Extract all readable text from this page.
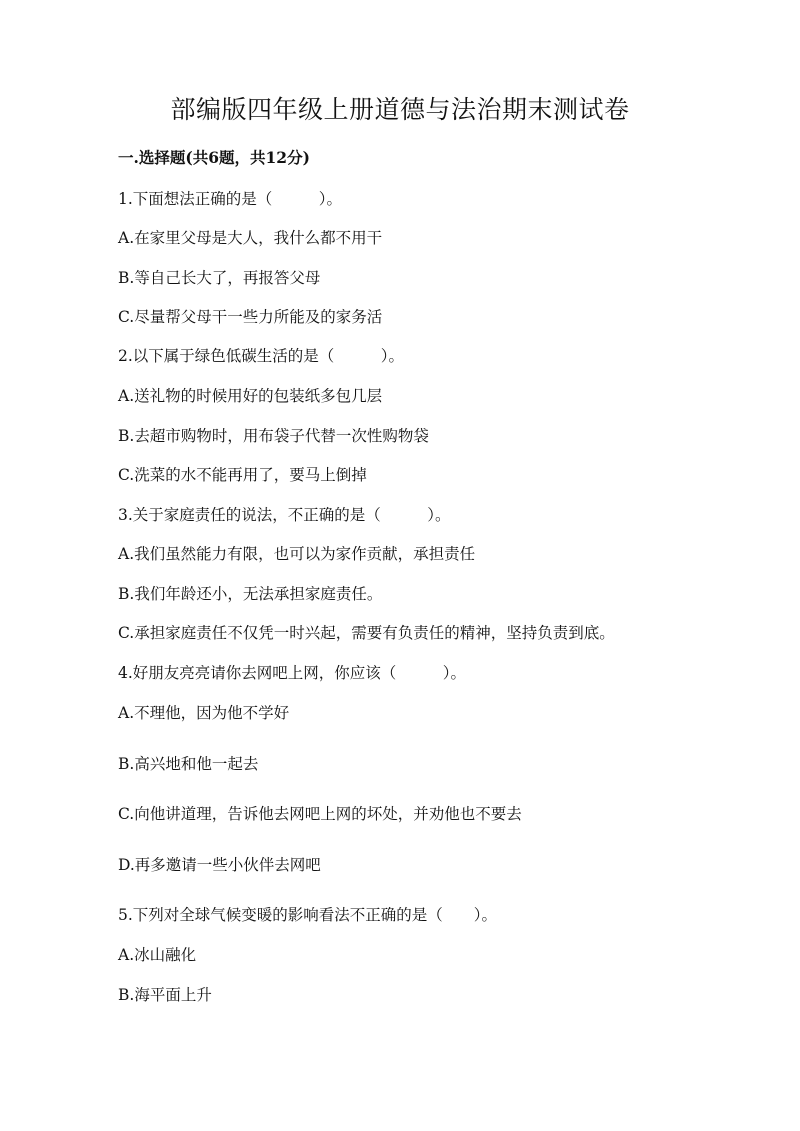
部编版四年级上册道德与法治期末测试卷
一.选择题(共6题，共12分)
1.下面想法正确的是（　　　）。
A.在家里父母是大人，我什么都不用干
B.等自己长大了，再报答父母
C.尽量帮父母干一些力所能及的家务活
2.以下属于绿色低碳生活的是（　　　）。
A.送礼物的时候用好的包装纸多包几层
B.去超市购物时，用布袋子代替一次性购物袋
C.洗菜的水不能再用了，要马上倒掉
3.关于家庭责任的说法，不正确的是（　　　）。
A.我们虽然能力有限，也可以为家作贡献，承担责任
B.我们年龄还小，无法承担家庭责任。
C.承担家庭责任不仅凭一时兴起，需要有负责任的精神，坚持负责到底。
4.好朋友亮亮请你去网吧上网，你应该（　　　）。
A.不理他，因为他不学好
B.高兴地和他一起去
C.向他讲道理，告诉他去网吧上网的坏处，并劝他也不要去
D.再多邀请一些小伙伴去网吧
5.下列对全球气候变暖的影响看法不正确的是（　　）。
A.冰山融化
B.海平面上升
